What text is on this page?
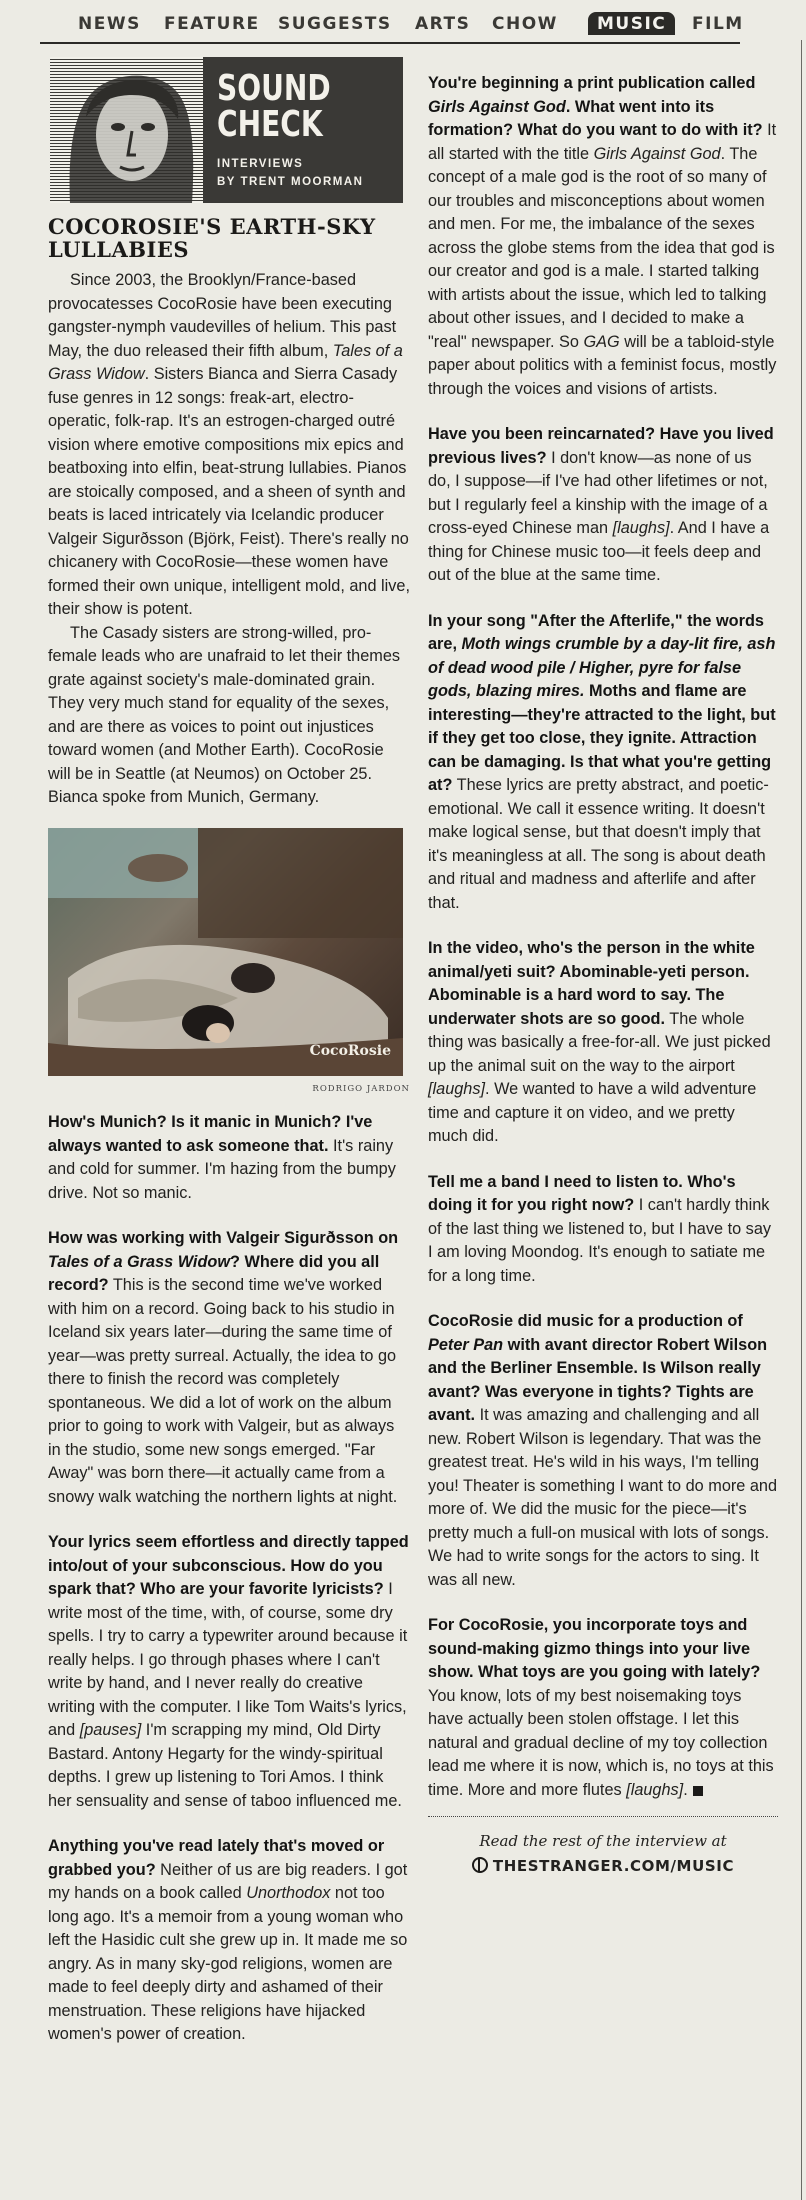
NEWS FEATURE SUGGESTS ARTS CHOW	MUSIC	FILM
SOUND
CHECK
INTERVIEWS
BY TRENT MOORMAN

COCOROSIE'S EARTH-SKY LULLABIES

Since 2003, the Brooklyn/France-based provocatesses CocoRosie have been executing gangster-nymph vaudevilles of helium. This past May, the duo released their fifth album, Tales of a Grass Widow. Sisters Bianca and Sierra Casady fuse genres in 12 songs: freak-art, electro-operatic, folk-rap. It's an estrogen-charged outré vision where emotive compositions mix epics and beatboxing into elfin, beat-strung lullabies. Pianos are stoically composed, and a sheen of synth and beats is laced intricately via Icelandic producer Valgeir Sigurðsson (Björk, Feist). There's really no chicanery with CocoRosie—these women have formed their own unique, intelligent mold, and live, their show is potent.

The Casady sisters are strong-willed, pro-female leads who are unafraid to let their themes grate against society's male-dominated grain. They very much stand for equality of the sexes, and are there as voices to point out injustices toward women (and Mother Earth). CocoRosie will be in Seattle (at Neumos) on October 25. Bianca spoke from Munich, Germany.

CocoRosie

RODRIGO JARDON

How's Munich? Is it manic in Munich? I've always wanted to ask someone that. It's rainy and cold for summer. I'm hazing from the bumpy drive. Not so manic.

How was working with Valgeir Sigurðsson on Tales of a Grass Widow? Where did you all record? This is the second time we've worked with him on a record. Going back to his studio in Iceland six years later—during the same time of year—was pretty surreal. Actually, the idea to go there to finish the record was completely spontaneous. We did a lot of work on the album prior to going to work with Valgeir, but as always in the studio, some new songs emerged. "Far Away" was born there—it actually came from a snowy walk watching the northern lights at night.

Your lyrics seem effortless and directly tapped into/out of your subconscious. How do you spark that? Who are your favorite lyricists? I write most of the time, with, of course, some dry spells. I try to carry a typewriter around because it really helps. I go through phases where I can't write by hand, and I never really do creative writing with the computer. I like Tom Waits's lyrics, and [pauses] I'm scrapping my mind, Old Dirty Bastard. Antony Hegarty for the windy-spiritual depths. I grew up listening to Tori Amos. I think her sensuality and sense of taboo influenced me.

Anything you've read lately that's moved or grabbed you? Neither of us are big readers. I got my hands on a book called Unorthodox not too long ago. It's a memoir from a young woman who left the Hasidic cult she grew up in. It made me so angry. As in many sky-god religions, women are made to feel deeply dirty and ashamed of their menstruation. These religions have hijacked women's power of creation.

You're beginning a print publication called Girls Against God. What went into its formation? What do you want to do with it? It all started with the title Girls Against God. The concept of a male god is the root of so many of our troubles and misconceptions about women and men. For me, the imbalance of the sexes across the globe stems from the idea that god is our creator and god is a male. I started talking with artists about the issue, which led to talking about other issues, and I decided to make a "real" newspaper. So GAG will be a tabloid-style paper about politics with a feminist focus, mostly through the voices and visions of artists.

Have you been reincarnated? Have you lived previous lives? I don't know—as none of us do, I suppose—if I've had other lifetimes or not, but I regularly feel a kinship with the image of a cross-eyed Chinese man [laughs]. And I have a thing for Chinese music too—it feels deep and out of the blue at the same time.

In your song "After the Afterlife," the words are, Moth wings crumble by a day-lit fire, ash of dead wood pile / Higher, pyre for false gods, blazing mires. Moths and flame are interesting—they're attracted to the light, but if they get too close, they ignite. Attraction can be damaging. Is that what you're getting at? These lyrics are pretty abstract, and poetic-emotional. We call it essence writing. It doesn't make logical sense, but that doesn't imply that it's meaningless at all. The song is about death and ritual and madness and afterlife and after that.

In the video, who's the person in the white animal/yeti suit? Abominable-yeti person. Abominable is a hard word to say. The underwater shots are so good. The whole thing was basically a free-for-all. We just picked up the animal suit on the way to the airport [laughs]. We wanted to have a wild adventure time and capture it on video, and we pretty much did.

Tell me a band I need to listen to. Who's doing it for you right now? I can't hardly think of the last thing we listened to, but I have to say I am loving Moondog. It's enough to satiate me for a long time.

CocoRosie did music for a production of Peter Pan with avant director Robert Wilson and the Berliner Ensemble. Is Wilson really avant? Was everyone in tights? Tights are avant. It was amazing and challenging and all new. Robert Wilson is legendary. That was the greatest treat. He's wild in his ways, I'm telling you! Theater is something I want to do more and more of. We did the music for the piece—it's pretty much a full-on musical with lots of songs. We had to write songs for the actors to sing. It was all new.

For CocoRosie, you incorporate toys and sound-making gizmo things into your live show. What toys are you going with lately? You know, lots of my best noisemaking toys have actually been stolen offstage. I let this natural and gradual decline of my toy collection lead me where it is now, which is, no toys at this time. More and more flutes [laughs].

Read the rest of the interview at
THESTRANGER.COM/MUSIC
